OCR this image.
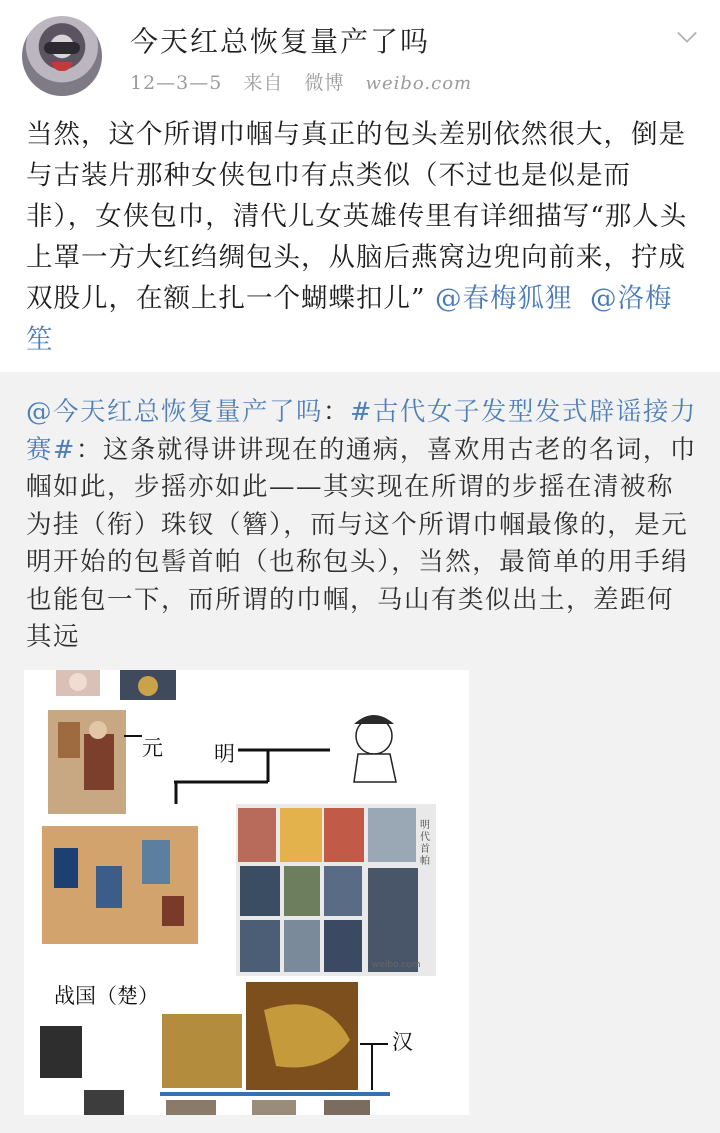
今天红总恢复量产了吗
12—3—5 来自 微博 weibo.com
当然，这个所谓巾帼与真正的包头差别依然很大，倒是与古装片那种女侠包巾有点类似（不过也是似是而非），女侠包巾，清代儿女英雄传里有详细描写“那人头上罩一方大红绉绸包头，从脑后燕窝边兜向前来，拧成双股儿，在额上扎一个蝴蝶扣儿” @春梅狐狸 @洛梅笙
@今天红总恢复量产了吗：#古代女子发型发式辟谣接力赛#：这条就得讲讲现在的通病，喜欢用古老的名词，巾帼如此，步摇亦如此——其实现在所谓的步摇在清被称为挂（衔）珠钗（簪），而与这个所谓巾帼最像的，是元明开始的包髻首帕（也称包头），当然，最简单的用手绢也能包一下，而所谓的巾帼，马山有类似出土，差距何其远
元 明
战国（楚）
汉
明代首帕
weibo.com
